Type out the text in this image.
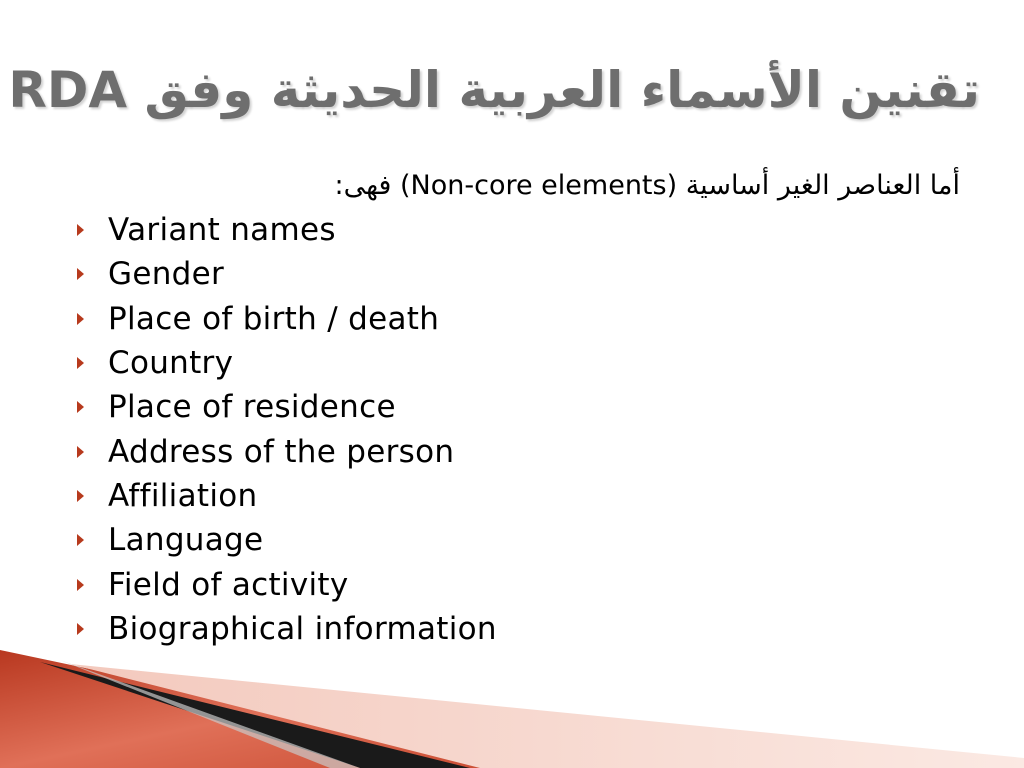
تقنين الأسماء العربية الحديثة وفق RDA
أما العناصر الغير أساسية (Non-core elements) فهى:
Variant names
Gender
Place of birth / death
Country
Place of residence
Address of the person
Affiliation
Language
Field of activity
Biographical information
